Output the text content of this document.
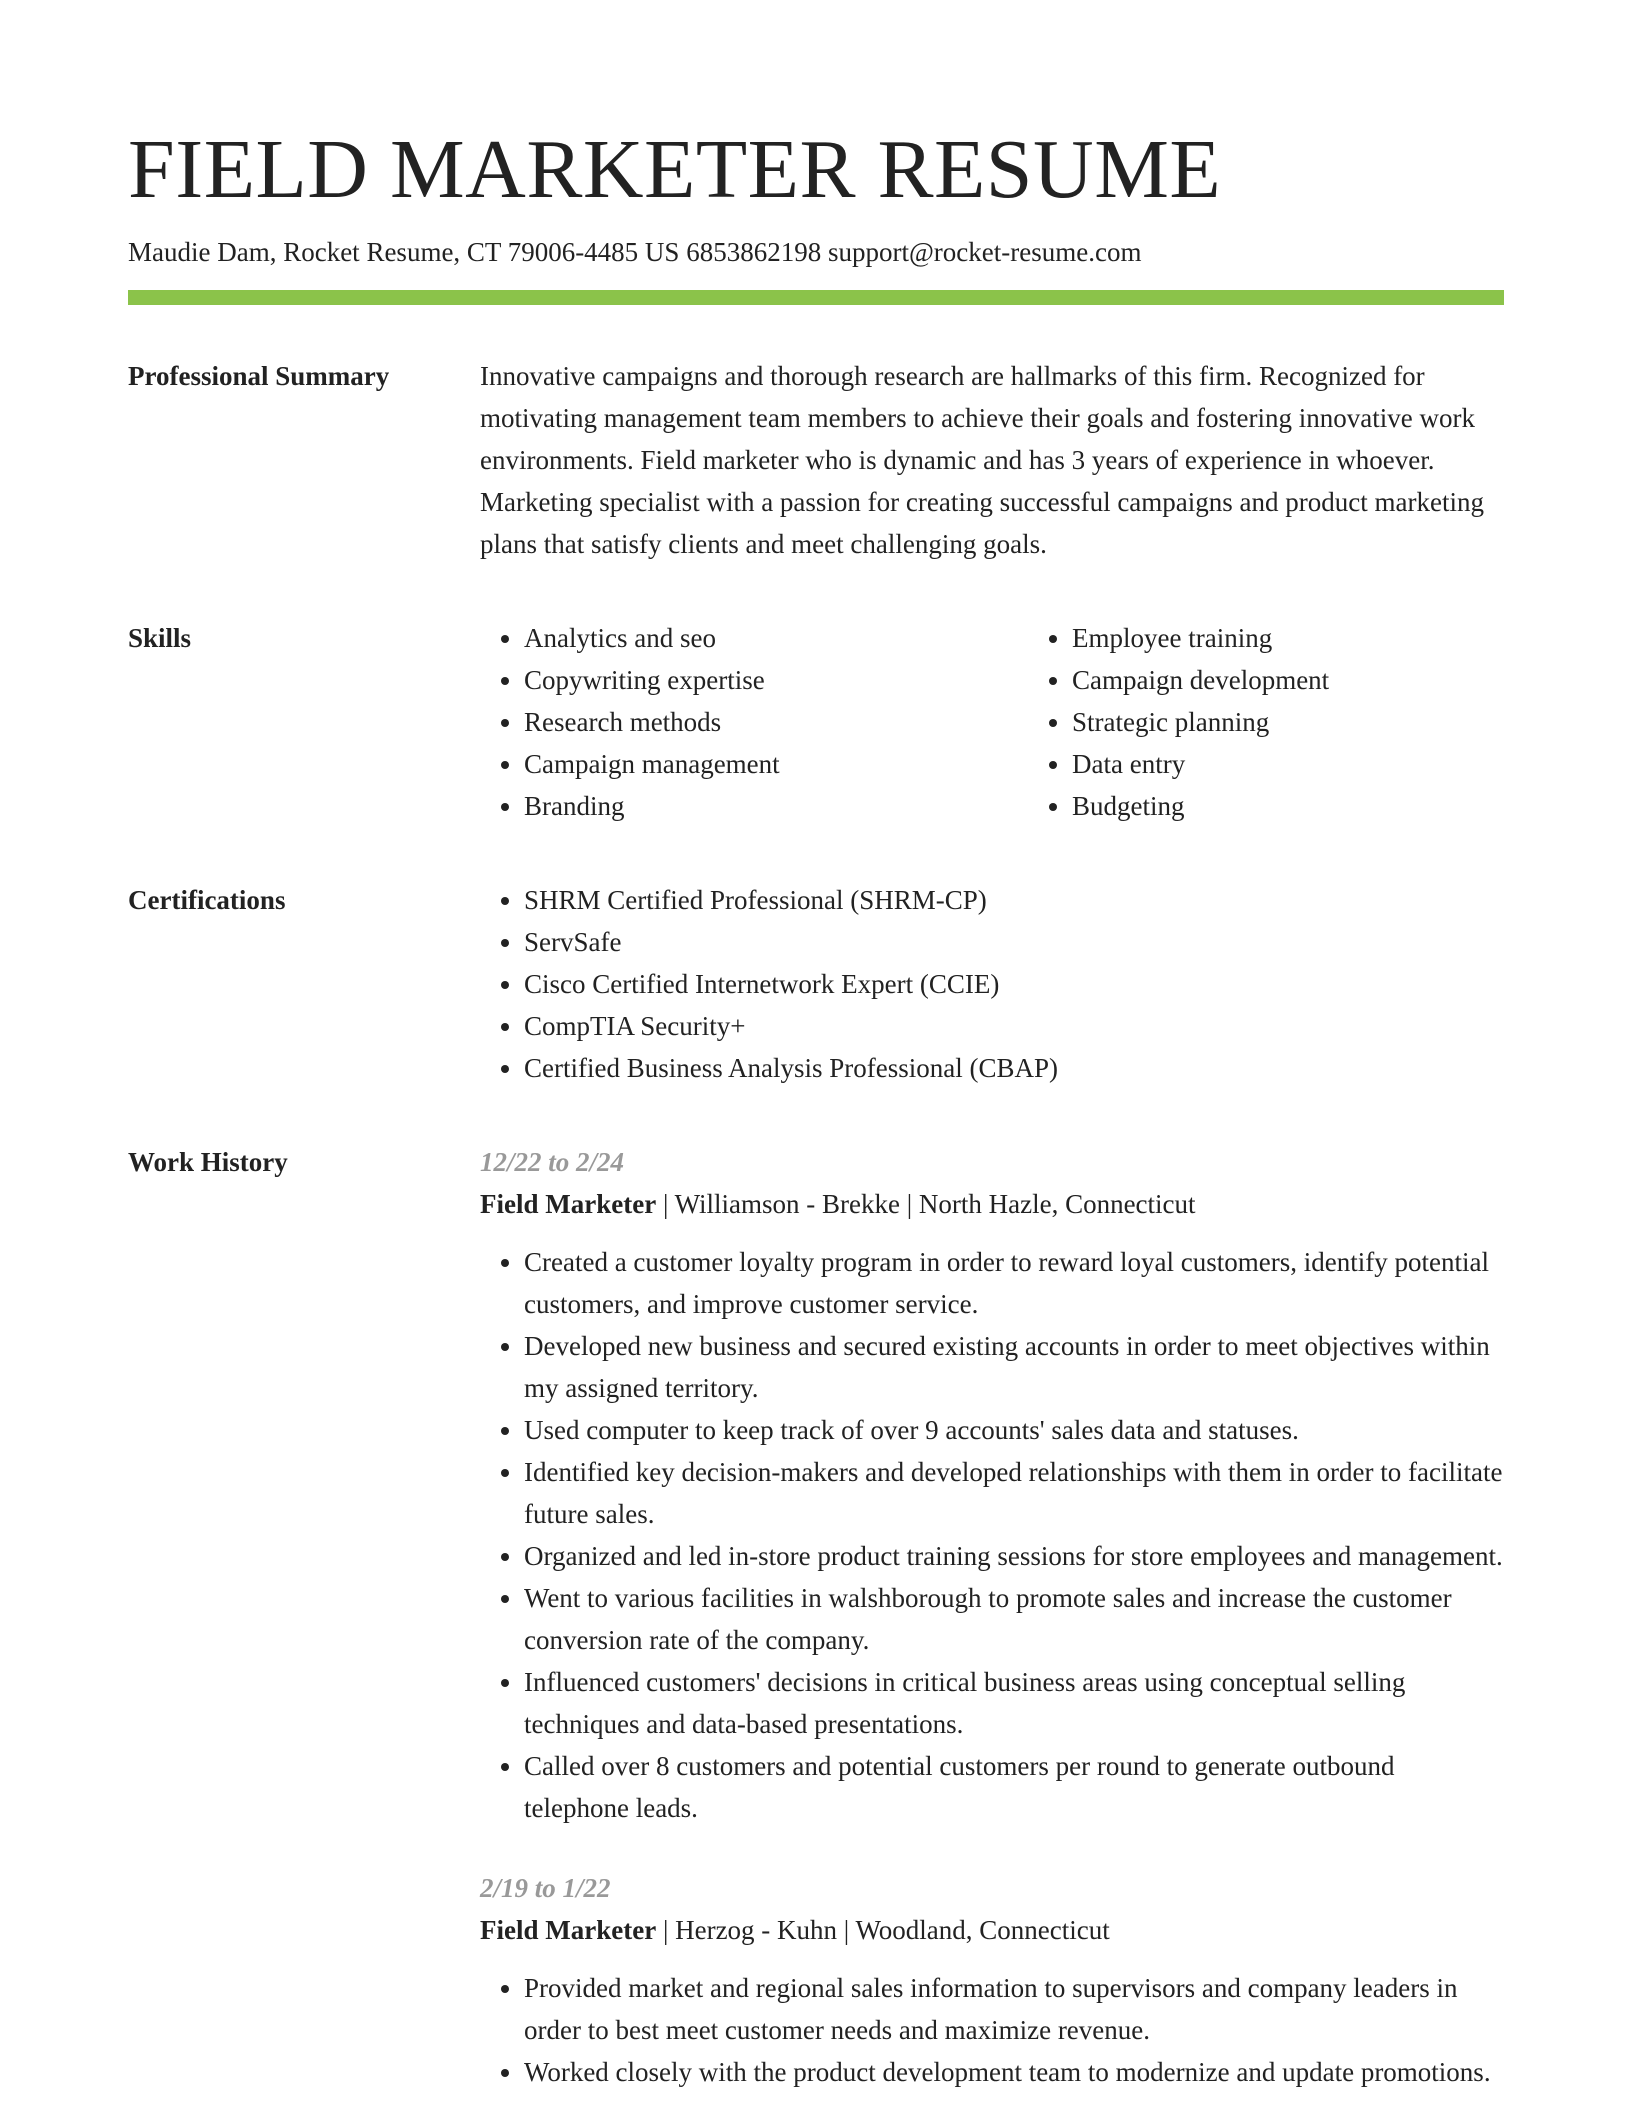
FIELD MARKETER RESUME
Maudie Dam, Rocket Resume, CT 79006-4485 US 6853862198 support@rocket-resume.com
Professional Summary	Innovative campaigns and thorough research are hallmarks of this firm. Recognized for motivating management team members to achieve their goals and fostering innovative work environments. Field marketer who is dynamic and has 3 years of experience in whoever. Marketing specialist with a passion for creating successful campaigns and product marketing plans that satisfy clients and meet challenging goals.

Skills	• Analytics and seo
• Copywriting expertise
• Research methods
• Campaign management
• Branding
• Employee training
• Campaign development
• Strategic planning
• Data entry
• Budgeting
Certifications	• SHRM Certified Professional (SHRM-CP)
• ServSafe
• Cisco Certified Internetwork Expert (CCIE)
• CompTIA Security+
• Certified Business Analysis Professional (CBAP)
Work History	12/22 to 2/24
Field Marketer | Williamson - Brekke | North Hazle, Connecticut
• Created a customer loyalty program in order to reward loyal customers, identify potential customers, and improve customer service.
• Developed new business and secured existing accounts in order to meet objectives within my assigned territory.
• Used computer to keep track of over 9 accounts' sales data and statuses.
• Identified key decision-makers and developed relationships with them in order to facilitate future sales.
• Organized and led in-store product training sessions for store employees and management.
• Went to various facilities in walshborough to promote sales and increase the customer conversion rate of the company.
• Influenced customers' decisions in critical business areas using conceptual selling techniques and data-based presentations.
• Called over 8 customers and potential customers per round to generate outbound telephone leads.
2/19 to 1/22
Field Marketer | Herzog - Kuhn | Woodland, Connecticut
• Provided market and regional sales information to supervisors and company leaders in order to best meet customer needs and maximize revenue.
• Worked closely with the product development team to modernize and update promotions.
